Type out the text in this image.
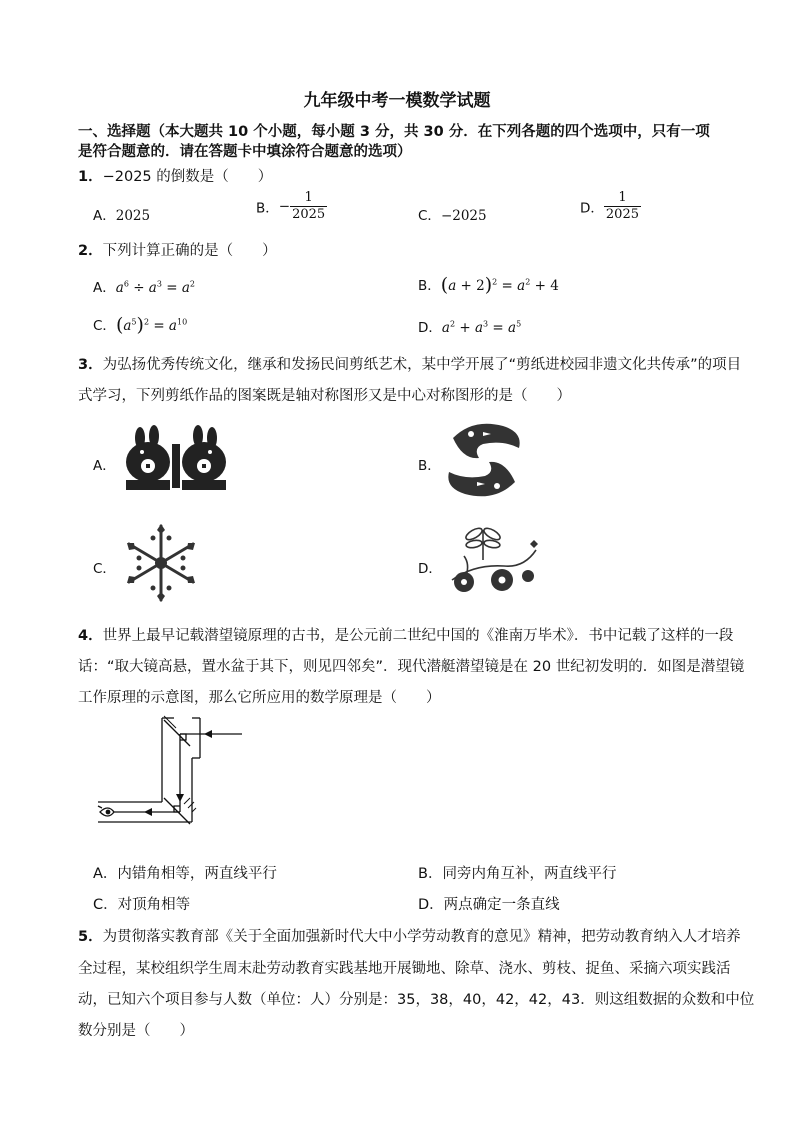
九年级中考一模数学试题
一、选择题（本大题共 10 个小题，每小题 3 分，共 30 分．在下列各题的四个选项中，只有一项
是符合题意的．请在答题卡中填涂符合题意的选项）
1．−2025 的倒数是（　　）
A．2025	B．− $\frac{1}{2025}$	C．−2025	D． $\frac{1}{2025}$
2．下列计算正确的是（　　）
A．$a^6 \div a^3 = a^2$	B．$(a + 2)^2 = a^2 + 4$
C．$(a^5)^2 = a^{10}$	D．$a^2 + a^3 = a^5$
3．为弘扬优秀传统文化，继承和发扬民间剪纸艺术，某中学开展了“剪纸进校园非遗文化共传承”的项目
式学习，下列剪纸作品的图案既是轴对称图形又是中心对称图形的是（　　）
A．	B．
C．	D．
4．世界上最早记载潜望镜原理的古书，是公元前二世纪中国的《淮南万毕术》．书中记载了这样的一段
话：“取大镜高悬，置水盆于其下，则见四邻矣”．现代潜艇潜望镜是在 20 世纪初发明的．如图是潜望镜
工作原理的示意图，那么它所应用的数学原理是（　　）
A．内错角相等，两直线平行	B．同旁内角互补，两直线平行
C．对顶角相等	D．两点确定一条直线
5．为贯彻落实教育部《关于全面加强新时代大中小学劳动教育的意见》精神，把劳动教育纳入人才培养
全过程，某校组织学生周末赴劳动教育实践基地开展锄地、除草、浇水、剪枝、捉鱼、采摘六项实践活
动，已知六个项目参与人数（单位：人）分别是：35，38，40，42，42，43．则这组数据的众数和中位
数分别是（　　）
